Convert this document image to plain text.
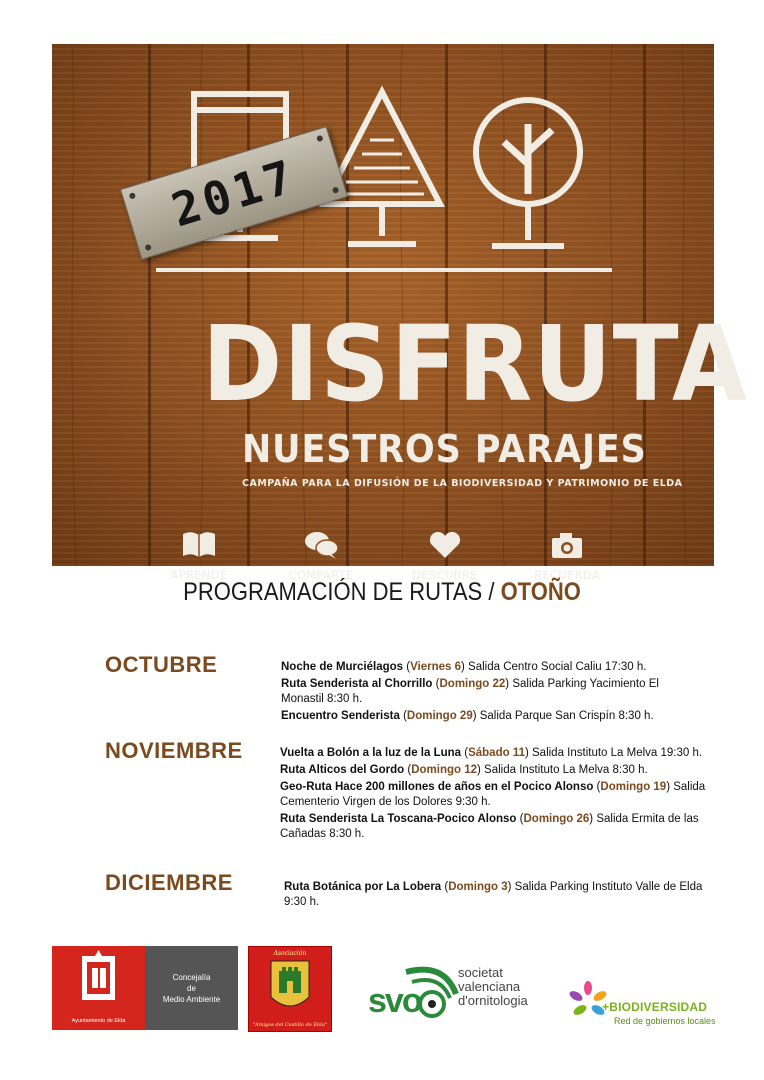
2017
DISFRUTA
NUESTROS PARAJES
CAMPAÑA PARA LA DIFUSIÓN DE LA BIODIVERSIDAD Y PATRIMONIO DE ELDA
APRENDE	COMPARTE	DESCUBRE	RECUERDA
PROGRAMACIÓN DE RUTAS / OTOÑO
OCTUBRE	Noche de Murciélagos (Viernes 6) Salida Centro Social Caliu 17:30 h.
Ruta Senderista al Chorrillo (Domingo 22) Salida Parking Yacimiento El Monastil 8:30 h.
Encuentro Senderista (Domingo 29) Salida Parque San Crispín 8:30 h.
NOVIEMBRE	Vuelta a Bolón a la luz de la Luna (Sábado 11) Salida Instituto La Melva 19:30 h.
Ruta Alticos del Gordo (Domingo 12) Salida Instituto La Melva 8:30 h.
Geo-Ruta Hace 200 millones de años en el Pocico Alonso (Domingo 19) Salida Cementerio Virgen de los Dolores 9:30 h.
Ruta Senderista La Toscana-Pocico Alonso (Domingo 26) Salida Ermita de las Cañadas 8:30 h.
DICIEMBRE	Ruta Botánica por La Lobera (Domingo 3) Salida Parking Instituto Valle de Elda 9:30 h.
Ayuntamiento de Elda
Concejalía
de
Medio Ambiente
Asociación
"Amigos del Castillo de Elda"
svo
societat
valenciana
d'ornitologia	+BIODIVERSIDAD
Red de gobiernos locales
